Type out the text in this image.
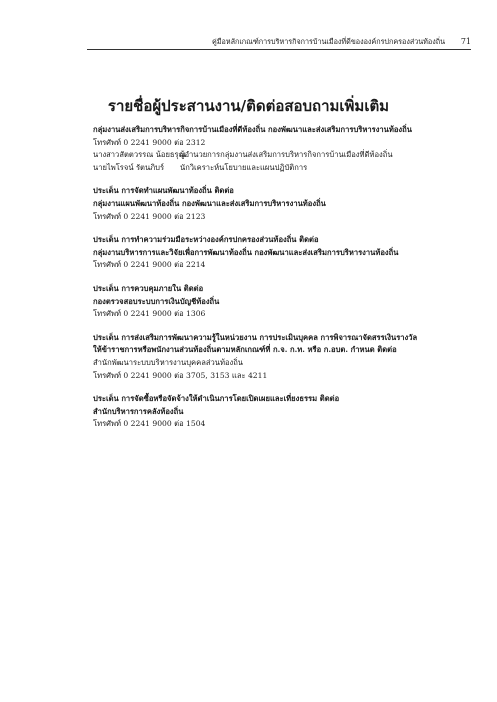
คู่มือหลักเกณฑ์การบริหารกิจการบ้านเมืองที่ดีขององค์กรปกครองส่วนท้องถิ่น 71
รายชื่อผู้ประสานงาน/ติดต่อสอบถามเพิ่มเติม
กลุ่มงานส่งเสริมการบริหารกิจการบ้านเมืองที่ดีท้องถิ่น กองพัฒนาและส่งเสริมการบริหารงานท้องถิ่น
โทรศัพท์ 0 2241 9000 ต่อ 2312
นางสาวสัตตวรรณ น้อยธรุณ
ผู้อำนวยการกลุ่มงานส่งเสริมการบริหารกิจการบ้านเมืองที่ดีท้องถิ่น
นายไพโรจน์ รัตนภิบร์	นักวิเคราะห์นโยบายและแผนปฏิบัติการ
ประเด็น การจัดทำแผนพัฒนาท้องถิ่น ติดต่อ
กลุ่มงานแผนพัฒนาท้องถิ่น กองพัฒนาและส่งเสริมการบริหารงานท้องถิ่น
โทรศัพท์ 0 2241 9000 ต่อ 2123
ประเด็น การทำความร่วมมือระหว่างองค์กรปกครองส่วนท้องถิ่น ติดต่อ
กลุ่มงานบริหารการและวิจัยเพื่อการพัฒนาท้องถิ่น กองพัฒนาและส่งเสริมการบริหารงานท้องถิ่น
โทรศัพท์ 0 2241 9000 ต่อ 2214
ประเด็น การควบคุมภายใน ติดต่อ
กองตรวจสอบระบบการเงินบัญชีท้องถิ่น
โทรศัพท์ 0 2241 9000 ต่อ 1306
ประเด็น การส่งเสริมการพัฒนาความรู้ในหน่วยงาน การประเมินบุคคล การพิจารณาจัดสรรเงินรางวัล
ให้ข้าราชการหรือพนักงานส่วนท้องถิ่นตามหลักเกณฑ์ที่ ก.จ. ก.ท. หรือ ก.อบต. กำหนด ติดต่อ
สำนักพัฒนาระบบบริหารงานบุคคลส่วนท้องถิ่น
โทรศัพท์ 0 2241 9000 ต่อ 3705, 3153 และ 4211
ประเด็น การจัดซื้อหรือจัดจ้างให้ดำเนินการโดยเปิดเผยและเที่ยงธรรม ติดต่อ
สำนักบริหารการคลังท้องถิ่น
โทรศัพท์ 0 2241 9000 ต่อ 1504
